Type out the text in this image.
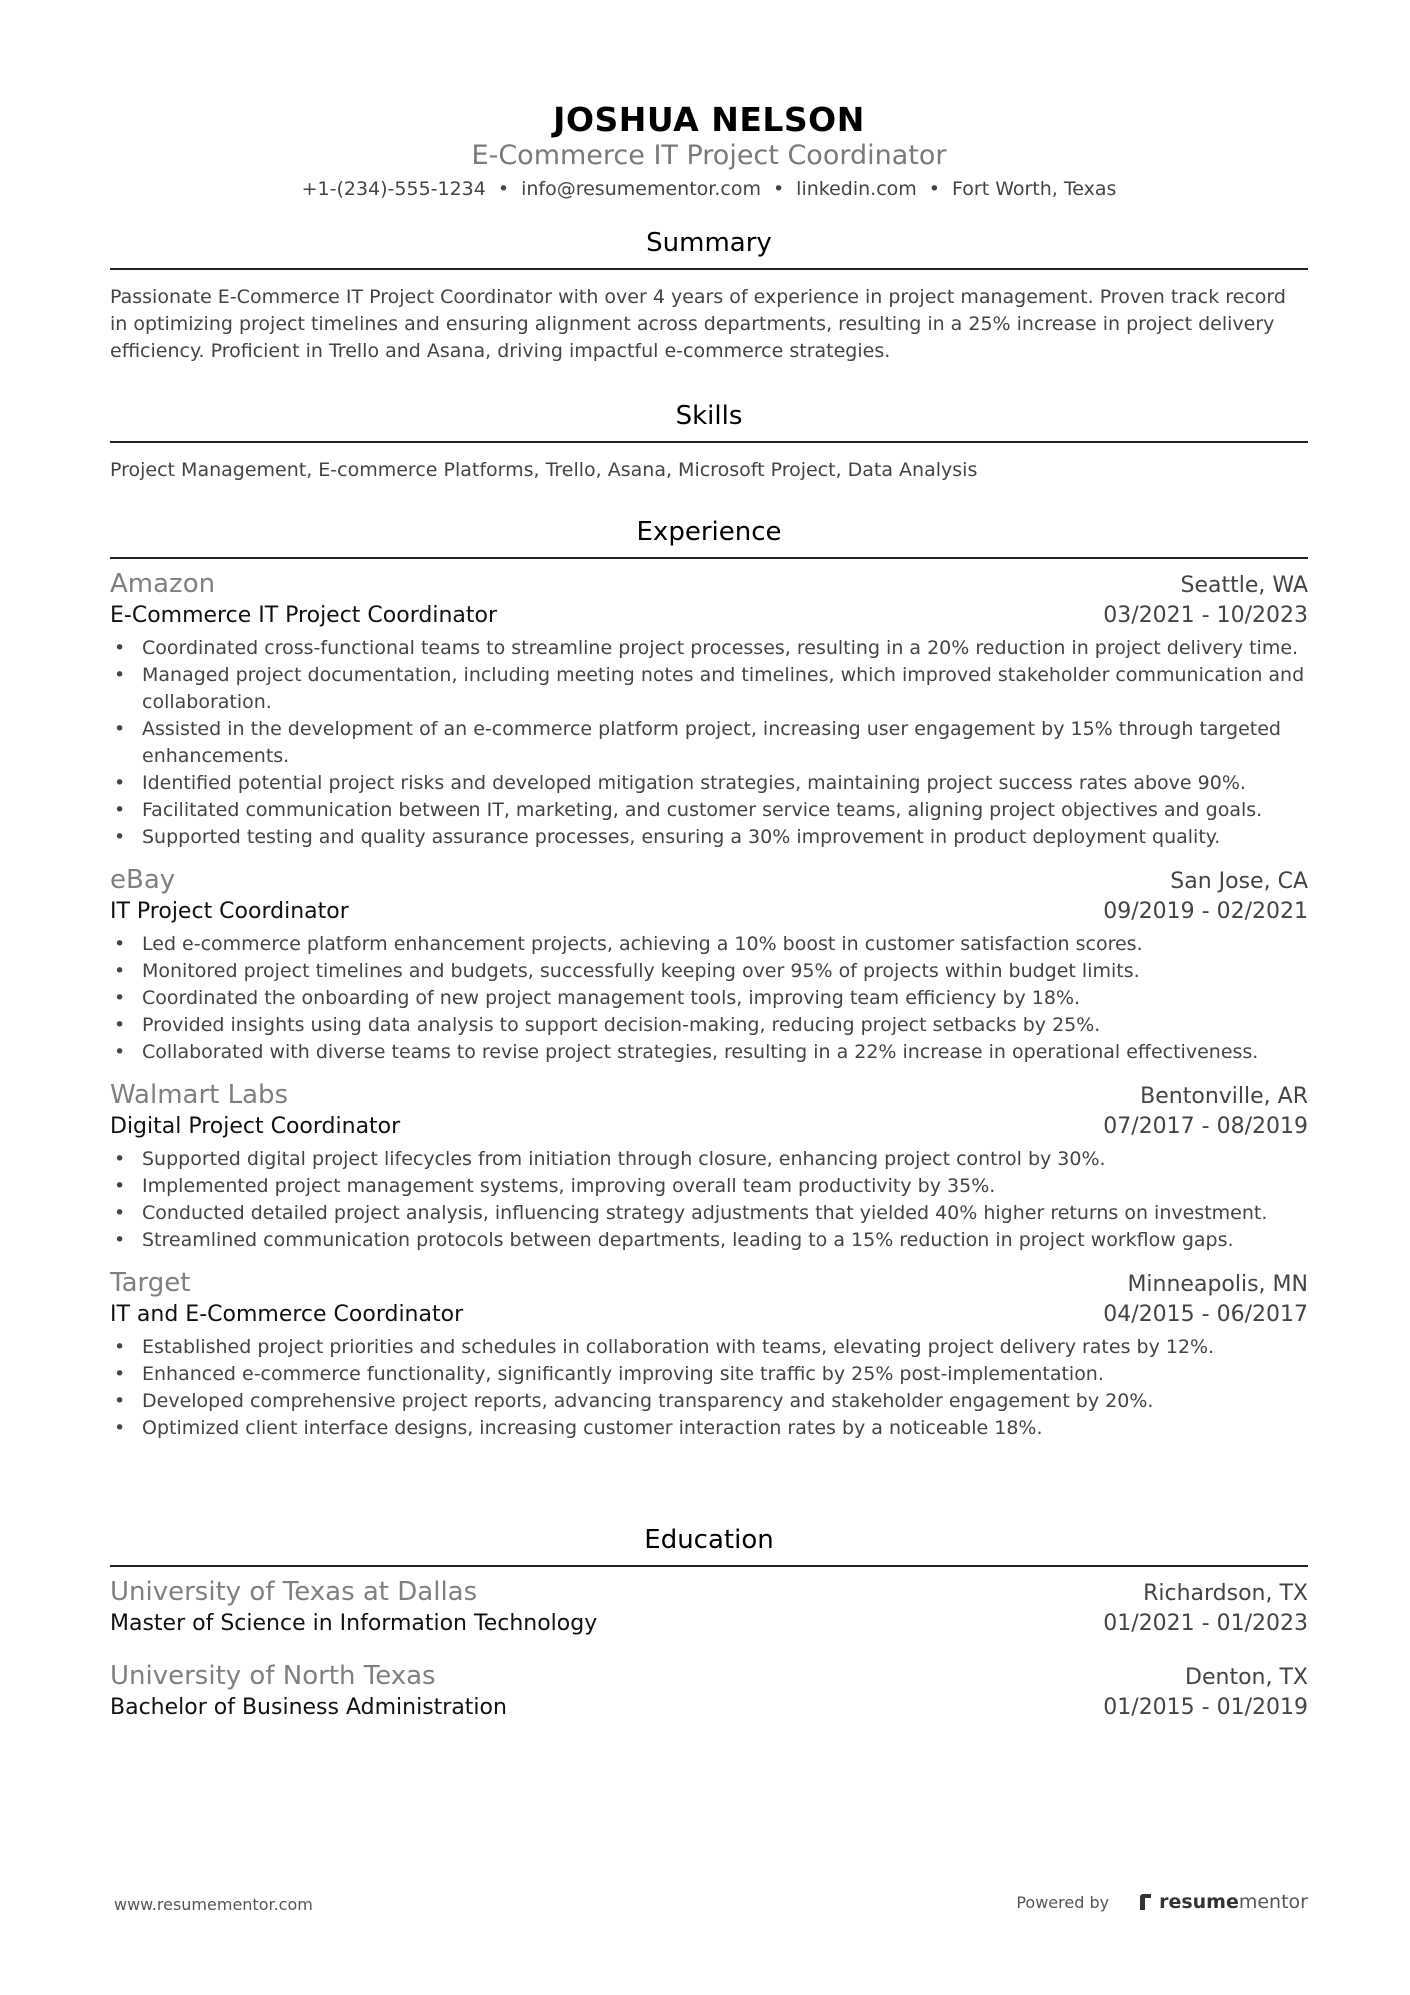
JOSHUA NELSON
E-Commerce IT Project Coordinator
+1-(234)-555-1234 • info@resumementor.com • linkedin.com • Fort Worth, Texas
Summary
Passionate E-Commerce IT Project Coordinator with over 4 years of experience in project management. Proven track record in optimizing project timelines and ensuring alignment across departments, resulting in a 25% increase in project delivery efficiency. Proficient in Trello and Asana, driving impactful e-commerce strategies.
Skills
Project Management, E-commerce Platforms, Trello, Asana, Microsoft Project, Data Analysis
Experience
Amazon	Seattle, WA
E-Commerce IT Project Coordinator	03/2021 - 10/2023
• Coordinated cross-functional teams to streamline project processes, resulting in a 20% reduction in project delivery time.
• Managed project documentation, including meeting notes and timelines, which improved stakeholder communication and collaboration.
• Assisted in the development of an e-commerce platform project, increasing user engagement by 15% through targeted enhancements.
• Identified potential project risks and developed mitigation strategies, maintaining project success rates above 90%.
• Facilitated communication between IT, marketing, and customer service teams, aligning project objectives and goals.
• Supported testing and quality assurance processes, ensuring a 30% improvement in product deployment quality.
eBay	San Jose, CA
IT Project Coordinator	09/2019 - 02/2021
• Led e-commerce platform enhancement projects, achieving a 10% boost in customer satisfaction scores.
• Monitored project timelines and budgets, successfully keeping over 95% of projects within budget limits.
• Coordinated the onboarding of new project management tools, improving team efficiency by 18%.
• Provided insights using data analysis to support decision-making, reducing project setbacks by 25%.
• Collaborated with diverse teams to revise project strategies, resulting in a 22% increase in operational effectiveness.
Walmart Labs	Bentonville, AR
Digital Project Coordinator	07/2017 - 08/2019
• Supported digital project lifecycles from initiation through closure, enhancing project control by 30%.
• Implemented project management systems, improving overall team productivity by 35%.
• Conducted detailed project analysis, influencing strategy adjustments that yielded 40% higher returns on investment.
• Streamlined communication protocols between departments, leading to a 15% reduction in project workflow gaps.
Target	Minneapolis, MN
IT and E-Commerce Coordinator	04/2015 - 06/2017
• Established project priorities and schedules in collaboration with teams, elevating project delivery rates by 12%.
• Enhanced e-commerce functionality, significantly improving site traffic by 25% post-implementation.
• Developed comprehensive project reports, advancing transparency and stakeholder engagement by 20%.
• Optimized client interface designs, increasing customer interaction rates by a noticeable 18%.
Education
University of Texas at Dallas	Richardson, TX
Master of Science in Information Technology	01/2021 - 01/2023
University of North Texas	Denton, TX
Bachelor of Business Administration	01/2015 - 01/2019
www.resumementor.com	Powered by	resume mentor
